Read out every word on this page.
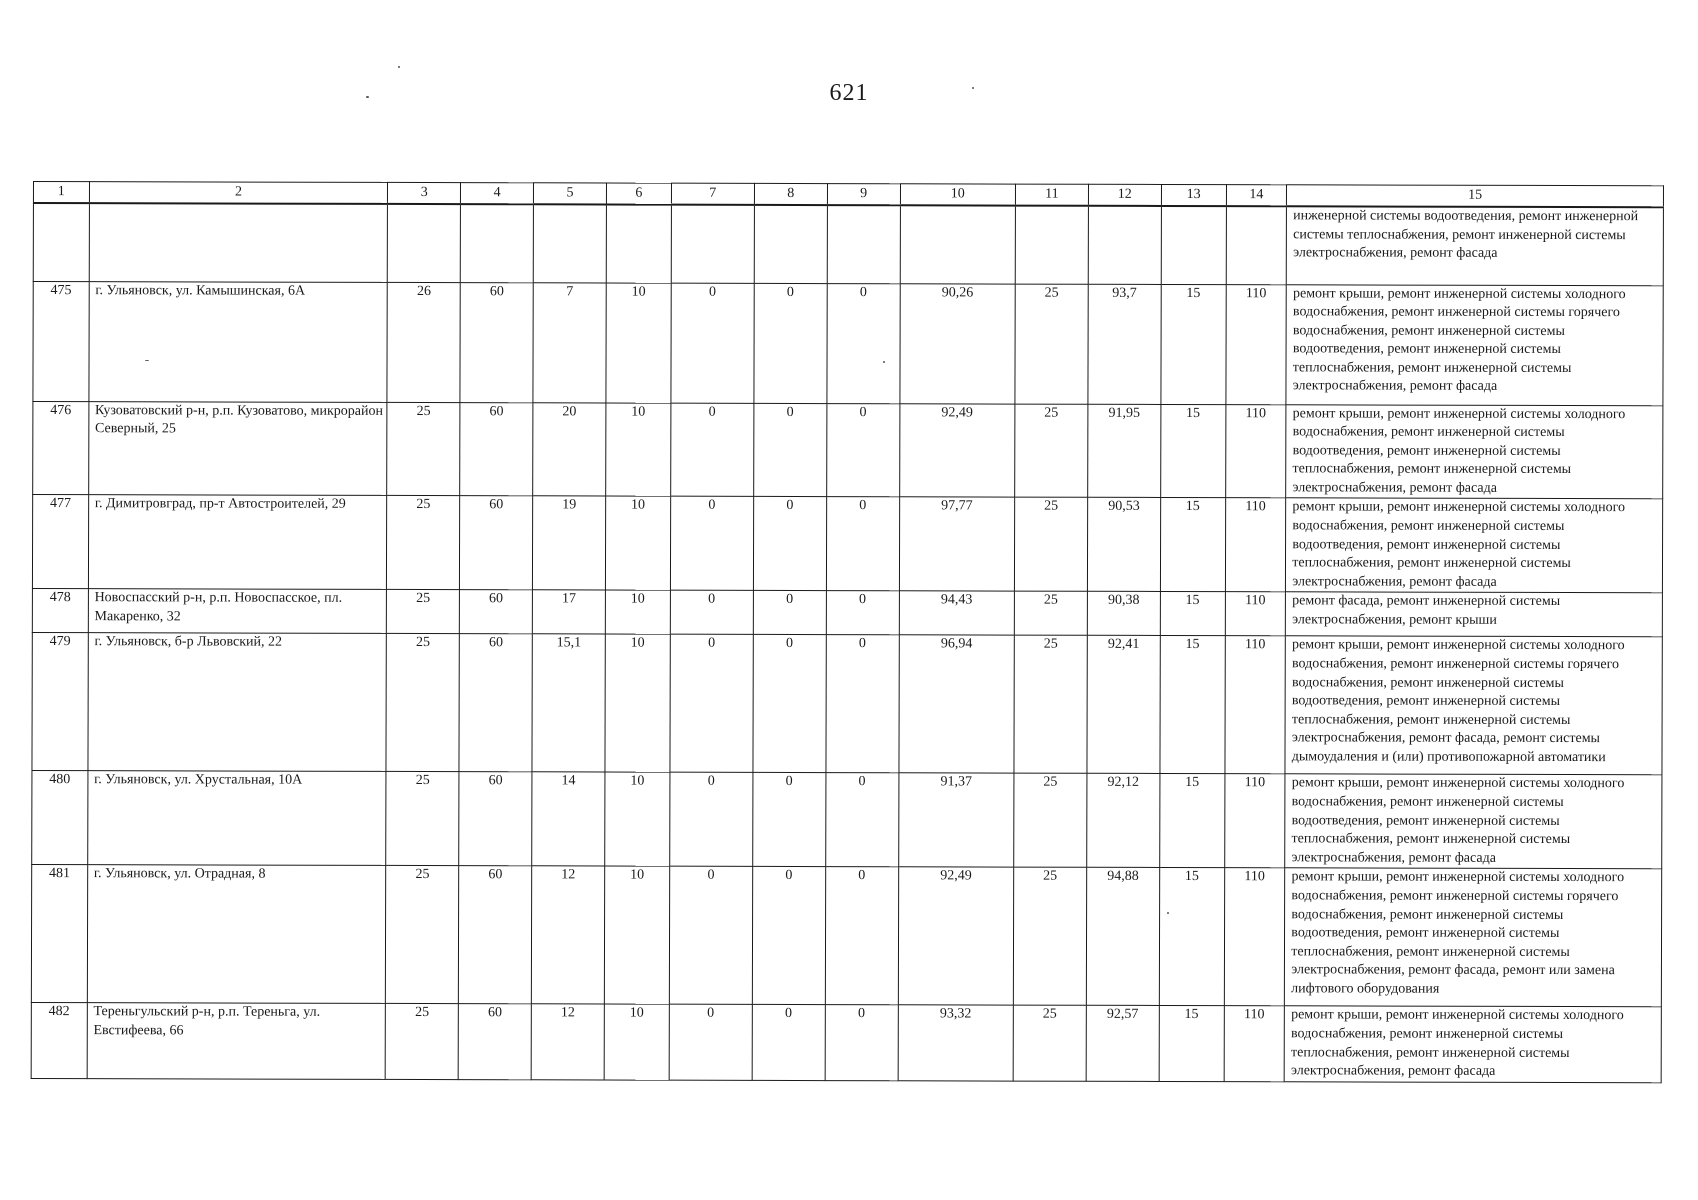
621
1	2	3	4	5	6	7	8	9	10	11	12	13	14	15
														инженерной системы водоотведения, ремонт инженерной системы теплоснабжения, ремонт инженерной системы электроснабжения, ремонт фасада
475	г. Ульяновск, ул. Камышинская, 6А	26	60	7	10	0	0	0	90,26	25	93,7	15	110	ремонт крыши, ремонт инженерной системы холодного водоснабжения, ремонт инженерной системы горячего водоснабжения, ремонт инженерной системы водоотведения, ремонт инженерной системы теплоснабжения, ремонт инженерной системы электроснабжения, ремонт фасада
476	Кузоватовский р-н, р.п. Кузоватово, микрорайон Северный, 25	25	60	20	10	0	0	0	92,49	25	91,95	15	110	ремонт крыши, ремонт инженерной системы холодного водоснабжения, ремонт инженерной системы водоотведения, ремонт инженерной системы теплоснабжения, ремонт инженерной системы электроснабжения, ремонт фасада
477	г. Димитровград, пр-т Автостроителей, 29	25	60	19	10	0	0	0	97,77	25	90,53	15	110	ремонт крыши, ремонт инженерной системы холодного водоснабжения, ремонт инженерной системы водоотведения, ремонт инженерной системы теплоснабжения, ремонт инженерной системы электроснабжения, ремонт фасада
478	Новоспасский р-н, р.п. Новоспасское, пл. Макаренко, 32	25	60	17	10	0	0	0	94,43	25	90,38	15	110	ремонт фасада, ремонт инженерной системы электроснабжения, ремонт крыши
479	г. Ульяновск, б-р Львовский, 22	25	60	15,1	10	0	0	0	96,94	25	92,41	15	110	ремонт крыши, ремонт инженерной системы холодного водоснабжения, ремонт инженерной системы горячего водоснабжения, ремонт инженерной системы водоотведения, ремонт инженерной системы теплоснабжения, ремонт инженерной системы электроснабжения, ремонт фасада, ремонт системы дымоудаления и (или) противопожарной автоматики
480	г. Ульяновск, ул. Хрустальная, 10А	25	60	14	10	0	0	0	91,37	25	92,12	15	110	ремонт крыши, ремонт инженерной системы холодного водоснабжения, ремонт инженерной системы водоотведения, ремонт инженерной системы теплоснабжения, ремонт инженерной системы электроснабжения, ремонт фасада
481	г. Ульяновск, ул. Отрадная, 8	25	60	12	10	0	0	0	92,49	25	94,88	15	110	ремонт крыши, ремонт инженерной системы холодного водоснабжения, ремонт инженерной системы горячего водоснабжения, ремонт инженерной системы водоотведения, ремонт инженерной системы теплоснабжения, ремонт инженерной системы электроснабжения, ремонт фасада, ремонт или замена лифтового оборудования
482	Тереньгульский р-н, р.п. Тереньга, ул. Евстифеева, 66	25	60	12	10	0	0	0	93,32	25	92,57	15	110	ремонт крыши, ремонт инженерной системы холодного водоснабжения, ремонт инженерной системы теплоснабжения, ремонт инженерной системы электроснабжения, ремонт фасада
